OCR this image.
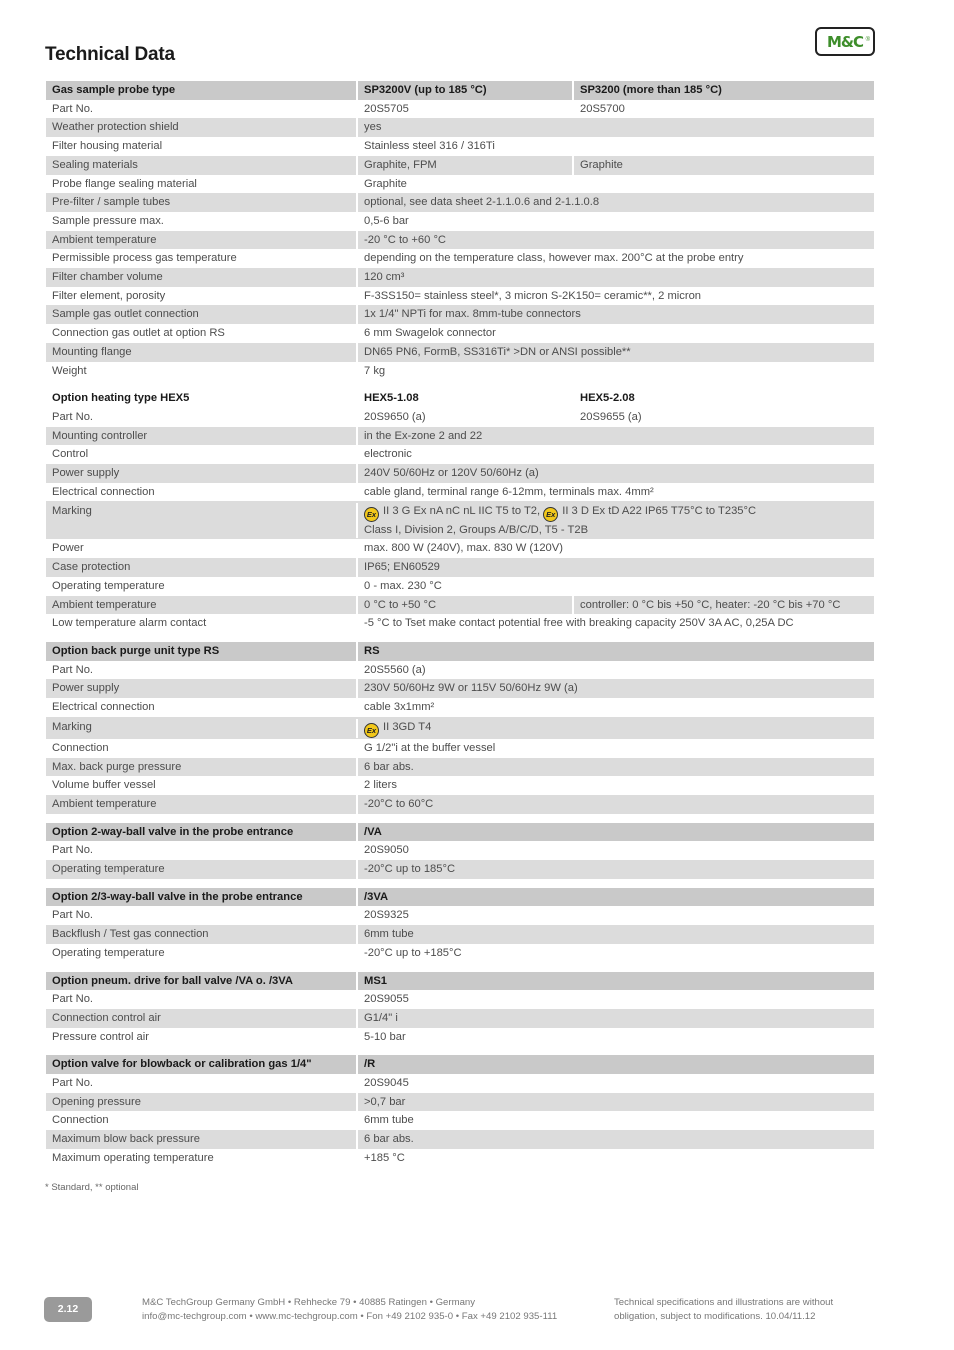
Technical Data
M&C ®
Gas sample probe type	SP3200V (up to 185 °C)	SP3200 (more than 185 °C)
Part No.	20S5705	20S5700
Weather protection shield	yes
Filter housing material	Stainless steel 316 / 316Ti
Sealing materials	Graphite, FPM	Graphite
Probe flange sealing material	Graphite
Pre-filter / sample tubes	optional, see data sheet 2-1.1.0.6 and 2-1.1.0.8
Sample pressure max.	0,5-6 bar
Ambient temperature	-20 °C to +60 °C
Permissible process gas temperature	depending on the temperature class, however max. 200°C at the probe entry
Filter chamber volume	120 cm³
Filter element, porosity	F-3SS150= stainless steel*, 3 micron S-2K150= ceramic**, 2 micron
Sample gas outlet connection	1x 1/4" NPTi for max. 8mm-tube connectors
Connection gas outlet at option RS	6 mm Swagelok connector
Mounting flange	DN65 PN6, FormB, SS316Ti* >DN or ANSI possible**
Weight	7 kg
Option heating type HEX5	HEX5-1.08	HEX5-2.08
Part No.	20S9650 (a)	20S9655 (a)
Mounting controller	in the Ex-zone 2 and 22
Control	electronic
Power supply	240V 50/60Hz or 120V 50/60Hz (a)
Electrical connection	cable gland, terminal range 6-12mm, terminals max. 4mm²
Marking	Ex II 3 G Ex nA nC nL IIC T5 to T2, Ex II 3 D Ex tD A22 IP65 T75°C to T235°C
Class I, Division 2, Groups A/B/C/D, T5 - T2B
Power	max. 800 W (240V), max. 830 W (120V)
Case protection	IP65; EN60529
Operating temperature	0 - max. 230 °C
Ambient temperature	0 °C to +50 °C	controller: 0 °C bis +50 °C, heater: -20 °C bis +70 °C
Low temperature alarm contact	-5 °C to Tset make contact potential free with breaking capacity 250V 3A AC, 0,25A DC
Option back purge unit type RS	RS
Part No.	20S5560 (a)
Power supply	230V 50/60Hz 9W or 115V 50/60Hz 9W (a)
Electrical connection	cable 3x1mm²
Marking	Ex II 3GD T4
Connection	G 1/2"i at the buffer vessel
Max. back purge pressure	6 bar abs.
Volume buffer vessel	2 liters
Ambient temperature	-20°C to 60°C
Option 2-way-ball valve in the probe entrance	/VA
Part No.	20S9050
Operating temperature	-20°C up to 185°C
Option 2/3-way-ball valve in the probe entrance	/3VA
Part No.	20S9325
Backflush / Test gas connection	6mm tube
Operating temperature	-20°C up to +185°C
Option pneum. drive for ball valve /VA o. /3VA	MS1
Part No.	20S9055
Connection control air	G1/4" i
Pressure control air	5-10 bar
Option valve for blowback or calibration gas 1/4"	/R
Part No.	20S9045
Opening pressure	>0,7 bar
Connection	6mm tube
Maximum blow back pressure	6 bar abs.
Maximum operating temperature	+185 °C
* Standard, ** optional
2.12
M&C TechGroup Germany GmbH • Rehhecke 79 • 40885 Ratingen • Germany
info@mc-techgroup.com • www.mc-techgroup.com • Fon +49 2102 935-0 • Fax +49 2102 935-111
Technical specifications and illustrations are without
obligation, subject to modifications. 10.04/11.12
